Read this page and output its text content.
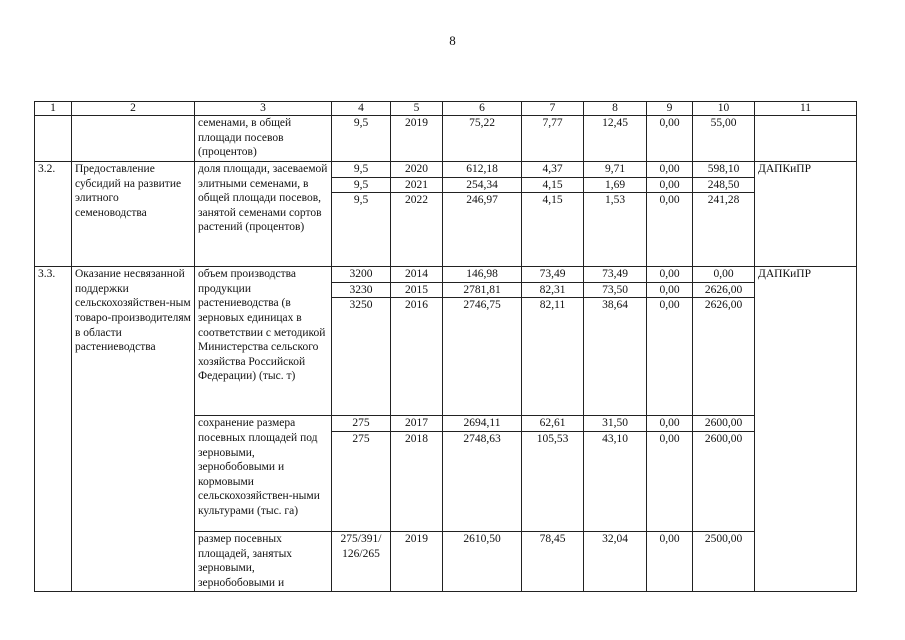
8
1	2	3	4	5	6	7	8	9	10	11
		семенами, в общей площади посевов (процентов)	9,5	2019	75,22	7,77	12,45	0,00	55,00	
3.2.	Предоставление субсидий на развитие элитного семеноводства	доля площади, засеваемой элитными семенами, в общей площади посевов, занятой семенами сортов растений (процентов)	9,5	2020	612,18	4,37	9,71	0,00	598,10	ДАПКиПР
			9,5	2021	254,34	4,15	1,69	0,00	248,50	
			9,5	2022	246,97	4,15	1,53	0,00	241,28	
3.3.	Оказание несвязанной поддержки сельскохозяйствен-ным товаро-производителям в области растениеводства	объем производства продукции растениеводства (в зерновых единицах в соответствии с методикой Министерства сельского хозяйства Российской Федерации) (тыс. т)	3200	2014	146,98	73,49	73,49	0,00	0,00	ДАПКиПР
			3230	2015	2781,81	82,31	73,50	0,00	2626,00	
			3250	2016	2746,75	82,11	38,64	0,00	2626,00	
		сохранение размера посевных площадей под зерновыми, зернобобовыми и кормовыми сельскохозяйствен-ными культурами (тыс. га)	275	2017	2694,11	62,61	31,50	0,00	2600,00	
			275	2018	2748,63	105,53	43,10	0,00	2600,00	
		размер посевных площадей, занятых зерновыми, зернобобовыми и	275/391/ 126/265	2019	2610,50	78,45	32,04	0,00	2500,00	
